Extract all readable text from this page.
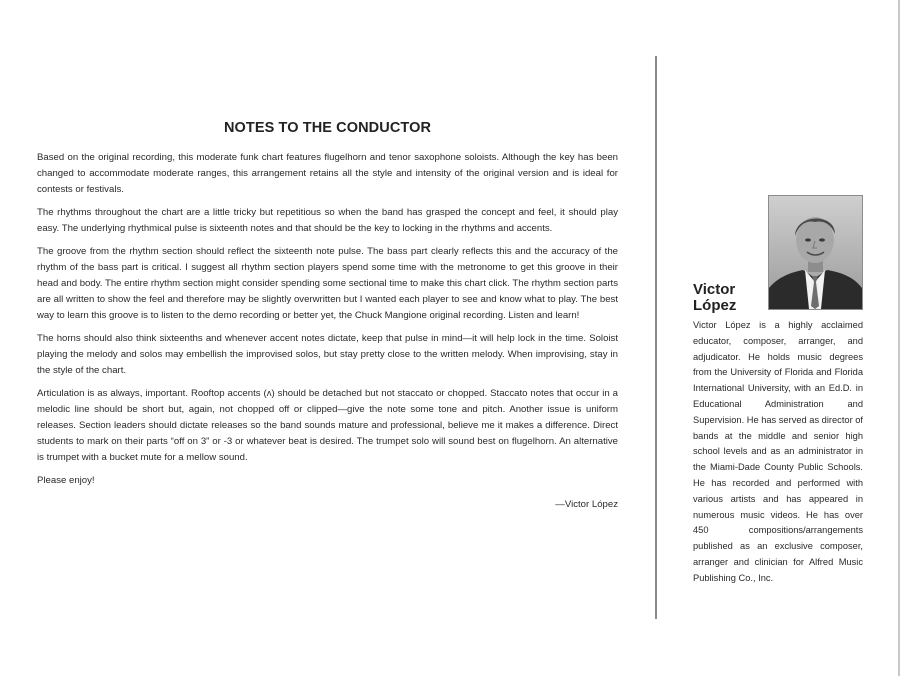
NOTES TO THE CONDUCTOR

Based on the original recording, this moderate funk chart features flugelhorn and tenor saxophone soloists. Although the key has been changed to accommodate moderate ranges, this arrangement retains all the style and intensity of the original version and is ideal for contests or festivals.

The rhythms throughout the chart are a little tricky but repetitious so when the band has grasped the concept and feel, it should play easy. The underlying rhythmical pulse is sixteenth notes and that should be the key to locking in the rhythms and accents.

The groove from the rhythm section should reflect the sixteenth note pulse. The bass part clearly reflects this and the accuracy of the rhythm of the bass part is critical. I suggest all rhythm section players spend some time with the metronome to get this groove in their head and body. The entire rhythm section might consider spending some sectional time to make this chart click. The rhythm section parts are all written to show the feel and therefore may be slightly overwritten but I wanted each player to see and know what to play. The best way to learn this groove is to listen to the demo recording or better yet, the Chuck Mangione original recording. Listen and learn!

The horns should also think sixteenths and whenever accent notes dictate, keep that pulse in mind—it will help lock in the time. Soloist playing the melody and solos may embellish the improvised solos, but stay pretty close to the written melody. When improvising, stay in the style of the chart.

Articulation is as always, important. Rooftop accents (ʌ) should be detached but not staccato or chopped. Staccato notes that occur in a melodic line should be short but, again, not chopped off or clipped—give the note some tone and pitch. Another issue is uniform releases. Section leaders should dictate releases so the band sounds mature and professional, believe me it makes a difference. Direct students to mark on their parts “off on 3” or -3 or whatever beat is desired. The trumpet solo will sound best on flugelhorn. An alternative is trumpet with a bucket mute for a mellow sound.

Please enjoy!

—Victor López
Victor
López

Victor López is a highly acclaimed educator, composer, arranger, and adjudicator. He holds music degrees from the University of Florida and Florida International University, with an Ed.D. in Educational Administration and Supervision. He has served as director of bands at the middle and senior high school levels and as an administrator in the Miami-Dade County Public Schools. He has recorded and performed with various artists and has appeared in numerous music videos. He has over 450 compositions/arrangements published as an exclusive composer, arranger and clinician for Alfred Music Publishing Co., Inc.
